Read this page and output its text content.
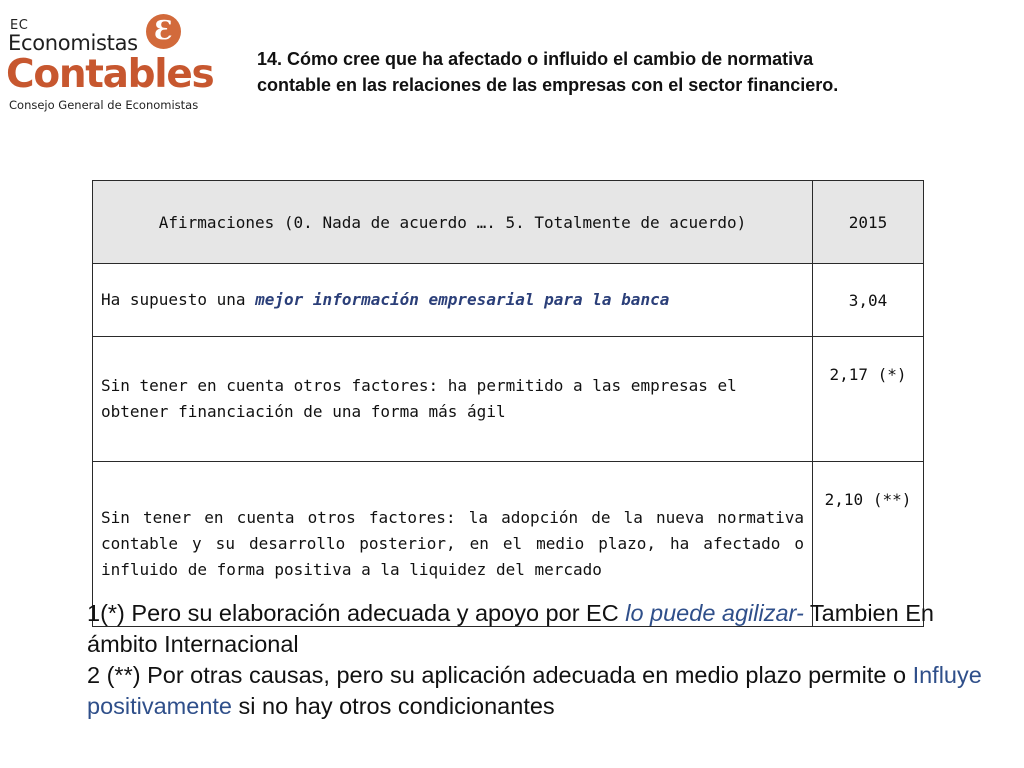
EC
Economistas Ɛ
Contables
Consejo General de Economistas
14. Cómo cree que ha afectado o influido el cambio de normativa contable en las relaciones de las empresas con el sector financiero.
Afirmaciones (0. Nada de acuerdo …. 5. Totalmente de acuerdo)	2015
Ha supuesto una mejor información empresarial para la banca	3,04
Sin tener en cuenta otros factores: ha permitido a las empresas el obtener financiación de una forma más ágil	2,17 (*)
Sin tener en cuenta otros factores: la adopción de la nueva normativa contable y su desarrollo posterior, en el medio plazo, ha afectado o influido de forma positiva a la liquidez del mercado	2,10 (**)
1(*) Pero su elaboración adecuada y apoyo por EC lo puede agilizar- Tambien En ámbito Internacional
2 (**) Por otras causas, pero su aplicación adecuada en medio plazo permite o Influye positivamente si no hay otros condicionantes
